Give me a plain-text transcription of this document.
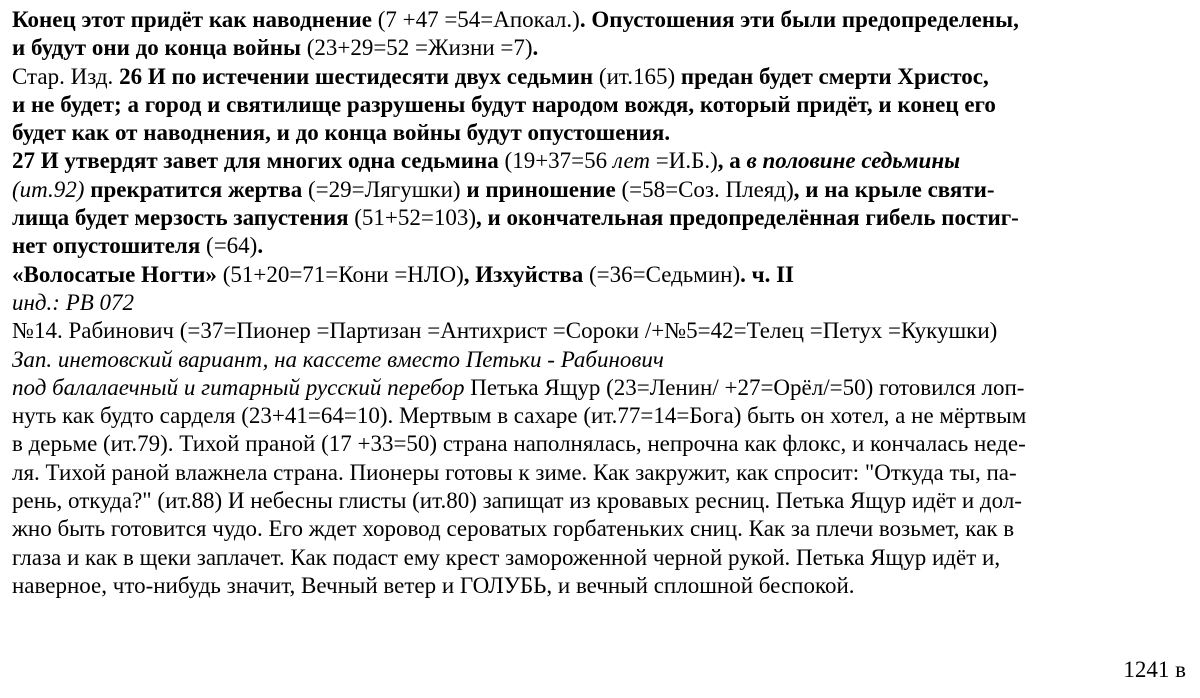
Конец этот придёт как наводнение (7 +47 =54=Апокал.). Опустошения эти были предопределены,
и будут они до конца войны (23+29=52 =Жизни =7).
Стар. Изд. 26 И по истечении шестидесяти двух седьмин (ит.165) предан будет смерти Христос,
и не будет; а город и святилище разрушены будут народом вождя, который придёт, и конец его
будет как от наводнения, и до конца войны будут опустошения.
27 И утвердят завет для многих одна седьмина (19+37=56 лет =И.Б.), а в половине седьмины
(ит.92) прекратится жертва (=29=Лягушки) и приношение (=58=Соз. Плеяд), и на крыле святи-
лища будет мерзость запустения (51+52=103), и окончательная предопределённая гибель постиг-
нет опустошителя (=64).
«Волосатые Ногти» (51+20=71=Кони =НЛО), Изхуйства (=36=Седьмин). ч. II
инд.: РВ 072
№14. Рабинович (=37=Пионер =Партизан =Антихрист =Сороки /+№5=42=Телец =Петух =Кукушки)
Зап. инетовский вариант, на кассете вместо Петьки - Рабинович
под балалаечный и гитарный русский перебор Петька Ящур (23=Ленин/ +27=Орёл/=50) готовился лоп-
нуть как будто сарделя (23+41=64=10). Мертвым в сахаре (ит.77=14=Бога) быть он хотел, а не мёртвым
в дерьме (ит.79). Тихой праной (17 +33=50) страна наполнялась, непрочна как флокс, и кончалась неде-
ля. Тихой раной влажнела страна. Пионеры готовы к зиме. Как закружит, как спросит: "Откуда ты, па-
рень, откуда?" (ит.88) И небесны глисты (ит.80) запищат из кровавых ресниц. Петька Ящур идёт и дол-
жно быть готовится чудо. Его ждет хоровод сероватых горбатеньких сниц. Как за плечи возьмет, как в
глаза и как в щеки заплачет. Как подаст ему крест замороженной черной рукой. Петька Ящур идёт и,
наверное, что-нибудь значит, Вечный ветер и ГОЛУБЬ, и вечный сплошной беспокой.
1241 в
